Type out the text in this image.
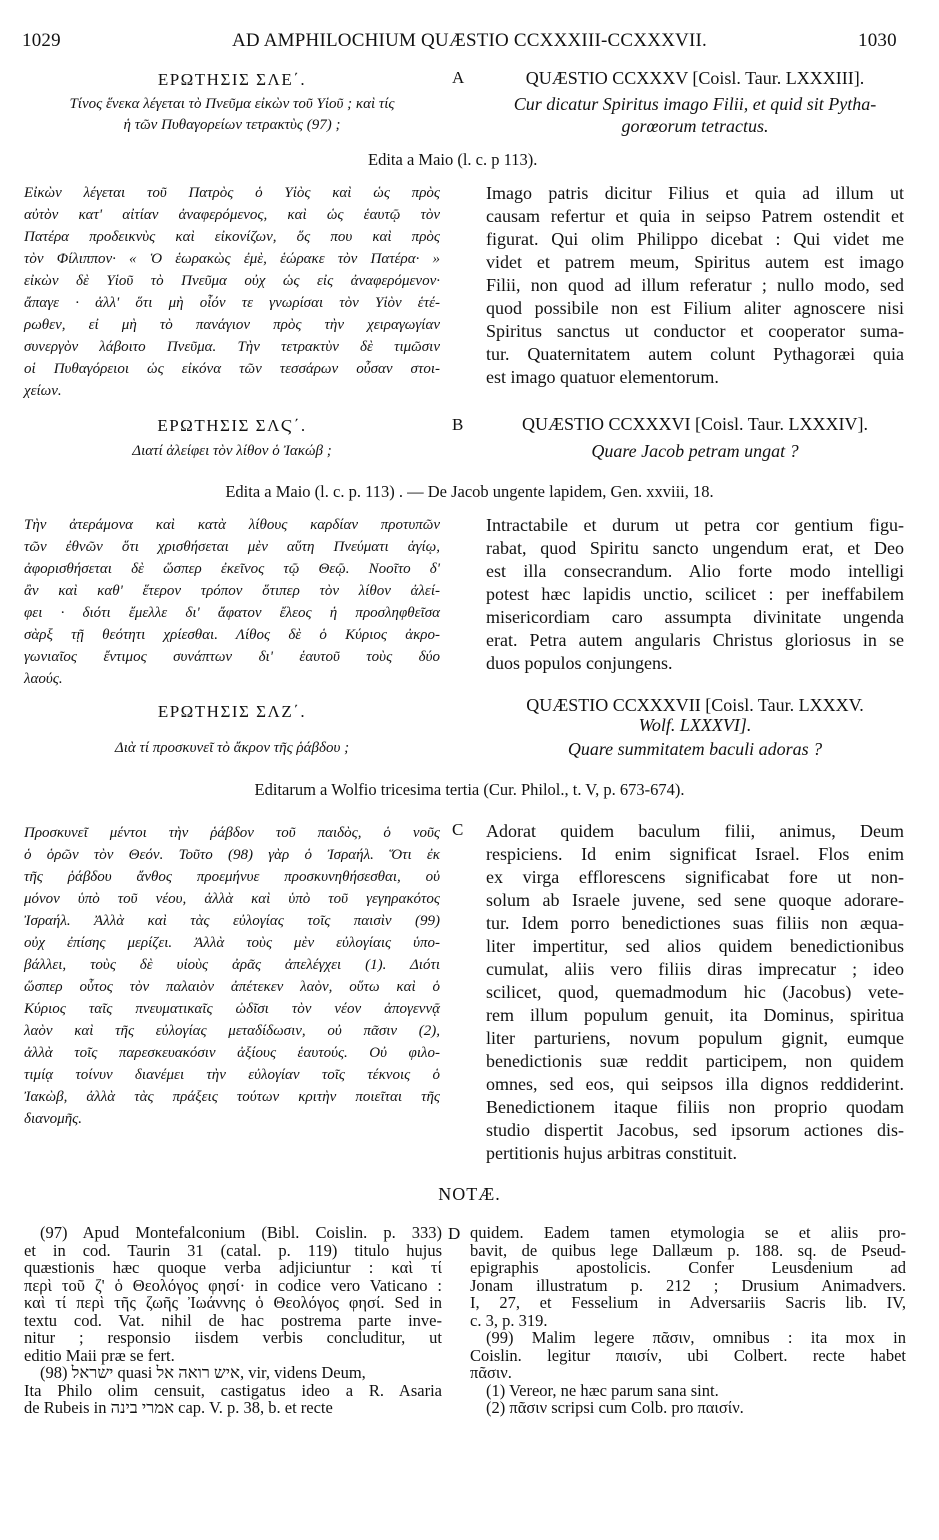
1029	AD AMPHILOCHIUM QUÆSTIO CCXXXIII-CCXXXVII.	1030
ΕΡΩΤΗΣΙΣ ΣΛΕ΄.
Τίνος ἕνεκα λέγεται τὸ Πνεῦμα εἰκὼν τοῦ Υἱοῦ ; καὶ τίς
ἡ τῶν Πυθαγορείων τετρακτὺς (97) ;
A	QUÆSTIO CCXXXV [Coisl. Taur. LXXXIII].
Cur dicatur Spiritus imago Filii, et quid sit Pytha-
gorœorum tetractus.
Edita a Maio (l. c. p 113).
Εἰκὼν λέγεται τοῦ Πατρὸς ὁ Υἱὸς καὶ ὡς πρὸς
αὐτὸν κατ' αἰτίαν ἀναφερόμενος, καὶ ὡς ἑαυτῷ τὸν
Πατέρα προδεικνὺς καὶ εἰκονίζων, ὅς που καὶ πρὸς
τὸν Φίλιππον· « Ὁ ἑωρακὼς ἐμὲ, ἑώρακε τὸν Πατέρα· »
εἰκὼν δὲ Υἱοῦ τὸ Πνεῦμα οὐχ ὡς εἰς ἀναφερόμενον·
ἄπαγε · ἀλλ' ὅτι μὴ οἷόν τε γνωρίσαι τὸν Υἱὸν ἑτέ-
ρωθεν, εἰ μὴ τὸ πανάγιον πρὸς τὴν χειραγωγίαν
συνεργὸν λάβοιτο Πνεῦμα. Τὴν τετρακτὺν δὲ τιμῶσιν
οἱ Πυθαγόρειοι ὡς εἰκόνα τῶν τεσσάρων οὖσαν στοι-
χείων.
Imago patris dicitur Filius et quia ad illum ut
causam refertur et quia in seipso Patrem ostendit et
figurat. Qui olim Philippo dicebat : Qui videt me
videt et patrem meum, Spiritus autem est imago
Filii, non quod ad illum referatur ; nullo modo, sed
quod possibile non est Filium aliter agnoscere nisi
Spiritus sanctus ut conductor et cooperator suma-
tur. Quaternitatem autem colunt Pythagoræi quia
est imago quatuor elementorum.
ΕΡΩΤΗΣΙΣ ΣΛϚ΄.
Διατί ἀλείφει τὸν λίθον ὁ Ἰακώβ ;
B	QUÆSTIO CCXXXVI [Coisl. Taur. LXXXIV].
Quare Jacob petram ungat ?
Edita a Maio (l. c. p. 113) . — De Jacob ungente lapidem, Gen. xxviii, 18.
Τὴν ἀτεράμονα καὶ κατὰ λίθους καρδίαν προτυπῶν
τῶν ἐθνῶν ὅτι χρισθήσεται μὲν αὕτη Πνεύματι ἁγίῳ,
ἀφορισθήσεται δὲ ὥσπερ ἐκεῖνος τῷ Θεῷ. Νοοῖτο δ'
ἂν καὶ καθ' ἕτερον τρόπον ὅτιπερ τὸν λίθον ἀλεί-
φει · διότι ἔμελλε δι' ἄφατον ἔλεος ἡ προσληφθεῖσα
σὰρξ τῇ θεότητι χρίεσθαι. Λίθος δὲ ὁ Κύριος ἀκρο-
γωνιαῖος ἔντιμος συνάπτων δι' ἑαυτοῦ τοὺς δύο
λαούς.
Intractabile et durum ut petra cor gentium figu-
rabat, quod Spiritu sancto ungendum erat, et Deo
est illa consecrandum. Alio forte modo intelligi
potest hæc lapidis unctio, scilicet : per ineffabilem
misericordiam caro assumpta divinitate ungenda
erat. Petra autem angularis Christus gloriosus in se
duos populos conjungens.
ΕΡΩΤΗΣΙΣ ΣΛΖ΄.
Διὰ τί προσκυνεῖ τὸ ἄκρον τῆς ῥάβδου ;
QUÆSTIO CCXXXVII [Coisl. Taur. LXXXV.
Wolf. LXXXVI].
Quare summitatem baculi adoras ?
Editarum a Wolfio tricesima tertia (Cur. Philol., t. V, p. 673-674).
C
Προσκυνεῖ μέντοι τὴν ῥάβδον τοῦ παιδὸς, ὁ νοῦς
ὁ ὁρῶν τὸν Θεόν. Τοῦτο (98) γὰρ ὁ Ἰσραήλ. Ὅτι ἐκ
τῆς ῥάβδου ἄνθος προεμήνυε προσκυνηθήσεσθαι, οὐ
μόνον ὑπὸ τοῦ νέου, ἀλλὰ καὶ ὑπὸ τοῦ γεγηρακότος
Ἰσραήλ. Ἀλλὰ καὶ τὰς εὐλογίας τοῖς παισὶν (99)
οὐχ ἐπίσης μερίζει. Ἀλλὰ τοὺς μὲν εὐλογίαις ὑπο-
βάλλει, τοὺς δὲ υἱοὺς ἀρᾶς ἀπελέγχει (1). Διότι
ὥσπερ οὗτος τὸν παλαιὸν ἀπέτεκεν λαὸν, οὕτω καὶ ὁ
Κύριος ταῖς πνευματικαῖς ὠδῖσι τὸν νέον ἀπογεννᾷ
λαὸν καὶ τῆς εὐλογίας μεταδίδωσιν, οὐ πᾶσιν (2),
ἀλλὰ τοῖς παρεσκευακόσιν ἀξίους ἑαυτούς. Οὐ φιλο-
τιμίᾳ τοίνυν διανέμει τὴν εὐλογίαν τοῖς τέκνοις ὁ
Ἰακὼβ, ἀλλὰ τὰς πράξεις τούτων κριτὴν ποιεῖται τῆς
διανομῆς.
Adorat quidem baculum filii, animus, Deum
respiciens. Id enim significat Israel. Flos enim
ex virga efflorescens significabat fore ut non-
solum ab Israele juvene, sed sene quoque adorare-
tur. Idem porro benedictiones suas filiis non æqua-
liter impertitur, sed alios quidem benedictionibus
cumulat, aliis vero filiis diras imprecatur ; ideo
scilicet, quod, quemadmodum hic (Jacobus) vete-
rem illum populum genuit, ita Dominus, spiritua
liter parturiens, novum populum gignit, eumque
benedictionis suæ reddit participem, non quidem
omnes, sed eos, qui seipsos illa dignos reddiderint.
Benedictionem itaque filiis non proprio quodam
studio dispertit Jacobus, sed ipsorum actiones dis-
pertitionis hujus arbitras constituit.
NOTÆ.
D
(97) Apud Montefalconium (Bibl. Coislin. p. 333)
et in cod. Taurin 31 (catal. p. 119) titulo hujus
quæstionis hæc quoque verba adjiciuntur : καὶ τί
περὶ τοῦ ζ' ὁ Θεολόγος φησί· in codice vero Vaticano :
καὶ τί περὶ τῆς ζωῆς Ἰωάννης ὁ Θεολόγος φησί. Sed in
textu cod. Vat. nihil de hac postrema parte inve-
nitur ; responsio iisdem verbis concluditur, ut
editio Maii præ se fert.
(98) ישראל quasi איש רואה אל, vir, videns Deum,
Ita Philo olim censuit, castigatus ideo a R. Asaria
de Rubeis in אמרי בינה cap. V. p. 38, b. et recte
quidem. Eadem tamen etymologia se et aliis pro-
bavit, de quibus lege Dallæum p. 188. sq. de Pseud-
epigraphis apostolicis. Confer Leusdenium ad
Jonam illustratum p. 212 ; Drusium Animadvers.
I, 27, et Fesselium in Adversariis Sacris lib. IV,
c. 3, p. 319.
(99) Malim legere πᾶσιν, omnibus : ita mox in
Coislin. legitur παισίν, ubi Colbert. recte habet
πᾶσιν.
(1) Vereor, ne hæc parum sana sint.
(2) πᾶσιν scripsi cum Colb. pro παισίν.
